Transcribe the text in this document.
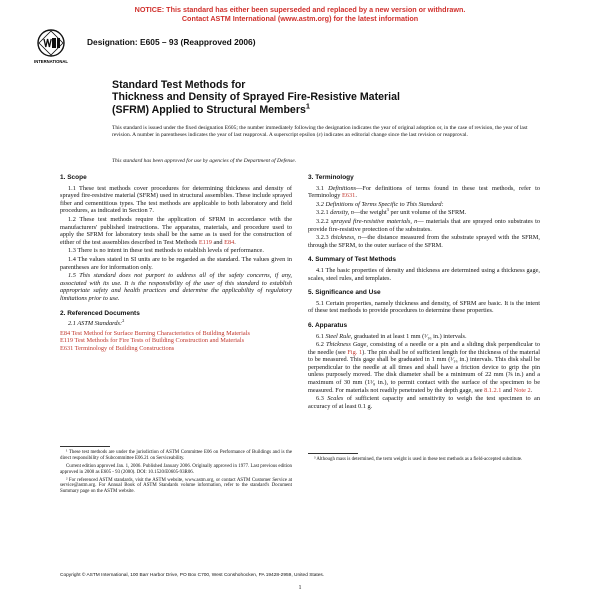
NOTICE: This standard has either been superseded and replaced by a new version or withdrawn.
Contact ASTM International (www.astm.org) for the latest information
INTERNATIONAL
Designation: E605 – 93 (Reapproved 2006)
Standard Test Methods for
Thickness and Density of Sprayed Fire-Resistive Material
(SFRM) Applied to Structural Members$^1$
This standard is issued under the fixed designation E605; the number immediately following the designation indicates the year of original adoption or, in the case of revision, the year of last revision. A number in parentheses indicates the year of last reapproval. A superscript epsilon (ε) indicates an editorial change since the last revision or reapproval.
This standard has been approved for use by agencies of the Department of Defense.
1. Scope
1.1 These test methods cover procedures for determining thickness and density of sprayed fire-resistive material (SFRM) used in structural assemblies. These include sprayed fiber and cementitious types. The test methods are applicable to both laboratory and field procedures, as indicated in Section 7.
1.2 These test methods require the application of SFRM in accordance with the manufacturers' published instructions. The apparatus, materials, and procedure used to apply the SFRM for laboratory tests shall be the same as is used for the construction of either of the test assemblies described in Test Methods E119 and E84.
1.3 There is no intent in these test methods to establish levels of performance.
1.4 The values stated in SI units are to be regarded as the standard. The values given in parentheses are for information only.
1.5 This standard does not purport to address all of the safety concerns, if any, associated with its use. It is the responsibility of the user of this standard to establish appropriate safety and health practices and determine the applicability of regulatory limitations prior to use.
2. Referenced Documents
2.1 ASTM Standards:$^2$
E84 Test Method for Surface Burning Characteristics of Building Materials
E119 Test Methods for Fire Tests of Building Construction and Materials
E631 Terminology of Building Constructions
¹ These test methods are under the jurisdiction of ASTM Committee E06 on Performance of Buildings and is the direct responsibility of Subcommittee E06.21 on Serviceability.
Current edition approved Jan. 1, 2006. Published January 2006. Originally approved in 1977. Last previous edition approved in 2000 as E605 - 93 (2000). DOI: 10.1520/E0605-93R06.
² For referenced ASTM standards, visit the ASTM website, www.astm.org, or contact ASTM Customer Service at service@astm.org. For Annual Book of ASTM Standards volume information, refer to the standard's Document Summary page on the ASTM website.
3. Terminology
3.1 Definitions—For definitions of terms found in these test methods, refer to Terminology E631.
3.2 Definitions of Terms Specific to This Standard:
3.2.1 density, n—the weight$^3$ per unit volume of the SFRM.
3.2.2 sprayed fire-resistive materials, n— materials that are sprayed onto substrates to provide fire-resistive protection of the substrates.
3.2.3 thickness, n—the distance measured from the substrate sprayed with the SFRM, through the SFRM, to the outer surface of the SFRM.
4. Summary of Test Methods
4.1 The basic properties of density and thickness are determined using a thickness gage, scales, steel rules, and templates.
5. Significance and Use
5.1 Certain properties, namely thickness and density, of SFRM are basic. It is the intent of these test methods to provide procedures to determine these properties.
6. Apparatus
6.1 Steel Rule, graduated in at least 1 mm (¹⁄₁₆ in.) intervals.
6.2 Thickness Gage, consisting of a needle or a pin and a sliding disk perpendicular to the needle (see Fig. 1). The pin shall be of sufficient length for the thickness of the material to be measured. This gage shall be graduated in 1 mm (¹⁄₁₆ in.) intervals. This disk shall be perpendicular to the needle at all times and shall have a friction device to grip the pin unless purposely moved. The disk diameter shall be a minimum of 22 mm (⅞ in.) and a maximum of 30 mm (1¹⁄₈ in.), to permit contact with the surface of the specimen to be measured. For materials not readily penetrated by the depth gage, see 8.1.2.1 and Note 2.
6.3 Scales of sufficient capacity and sensitivity to weigh the test specimen to an accuracy of at least 0.1 g.
³ Although mass is determined, the term weight is used in these test methods as a field-accepted substitute.
Copyright © ASTM International, 100 Barr Harbor Drive, PO Box C700, West Conshohocken, PA 19428-2959, United States.
1
